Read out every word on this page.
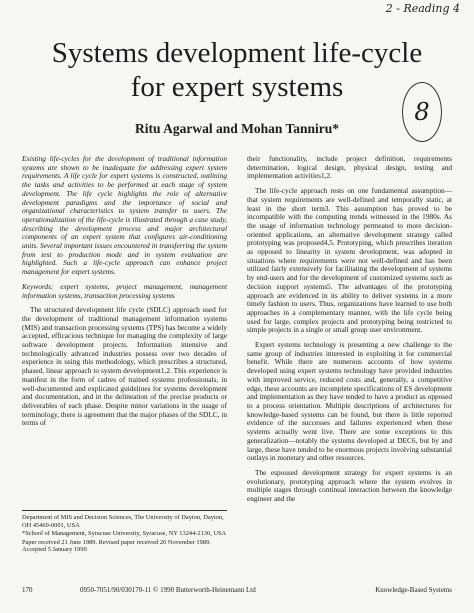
2 - Reading 4
8
Systems development life-cycle
for expert systems
Ritu Agarwal and Mohan Tanniru*

Existing life-cycles for the development of traditional information systems are shown to be inadequate for addressing expert system requirements. A life cycle for expert systems is constructed, outlining the tasks and activities to be performed at each stage of system development. The life cycle highlights the role of alternative development paradigms and the importance of social and organizational characteristics to system transfer to users. The operationalization of the life-cycle is illustrated through a case study, describing the development process and major architectural components of an expert system that configures air-conditioning units. Several important issues encountered in transferring the system from test to production mode and in system evaluation are highlighted. Such a life-cycle approach can enhance project management for expert systems.

Keywords: expert systems, project management, management information systems, transaction processing systems

The structured development life cycle (SDLC) approach used for the development of traditional management information systems (MIS) and transaction processing systems (TPS) has become a widely accepted, efficacious technique for managing the complexity of large software development projects. Information intensive and technologically advanced industries possess over two decades of experience in using this methodology, which prescribes a structured, phased, linear approach to system development1,2. This experience is manifest in the form of cadres of trained systems professionals, in well-documented and explicated guidelines for systems development and documentation, and in the delineation of the precise products or deliverables of each phase. Despite minor variations in the usage of terminology, there is agreement that the major phases of the SDLC, in terms of

Department of MIS and Decision Sciences, The University of Dayton, Dayton, OH 45469-0001, USA

*School of Management, Syracuse University, Syracuse, NY 13244-2130, USA

Paper received 21 June 1989. Revised paper received 20 November 1989. Accepted 5 January 1990

their functionality, include project definition, requirements determination, logical design, physical design, testing and implementation activities1,2.

The life-cycle approach rests on one fundamental assumption—that system requirements are well-defined and temporally static, at least in the short term3. This assumption has proved to be incompatible with the computing trends witnessed in the 1980s. As the usage of information technology permeated to more decision-oriented applications, an alternative development strategy called prototyping was proposed4,5. Prototyping, which prescribes iteration as opposed to linearity in system development, was adopted in situations where requirements were not well-defined and has been utilized fairly extensively for facilitating the development of systems by end-users and for the development of customized systems such as decision support systems5. The advantages of the prototyping approach are evidenced in its ability to deliver systems in a more timely fashion to users. Thus, organizations have learned to use both approaches in a complementary manner, with the life cycle being used for large, complex projects and prototyping being restricted to simple projects in a single or small group user environment.

Expert systems technology is presenting a new challenge to the same group of industries interested in exploiting it for commercial benefit. While there are numerous accounts of how systems developed using expert systems technology have provided industries with improved service, reduced costs and, generally, a competitive edge, these accounts are incomplete specifications of ES development and implementation as they have tended to have a product as opposed to a process orientation. Multiple descriptions of architectures for knowledge-based systems can be found, but there is little reported evidence of the successes and failures experienced when these systems actually went live. There are some exceptions to this generalization—notably the systems developed at DEC6, but by and large, these have tended to be enormous projects involving substantial outlays in monetary and other resources.

The espoused development strategy for expert systems is an evolutionary, prototyping approach where the system evolves in multiple stages through continual interaction between the knowledge engineer and the

170	0950-7051/90/030170-11 © 1990 Butterworth-Heinemann Ltd	Knowledge-Based Systems
